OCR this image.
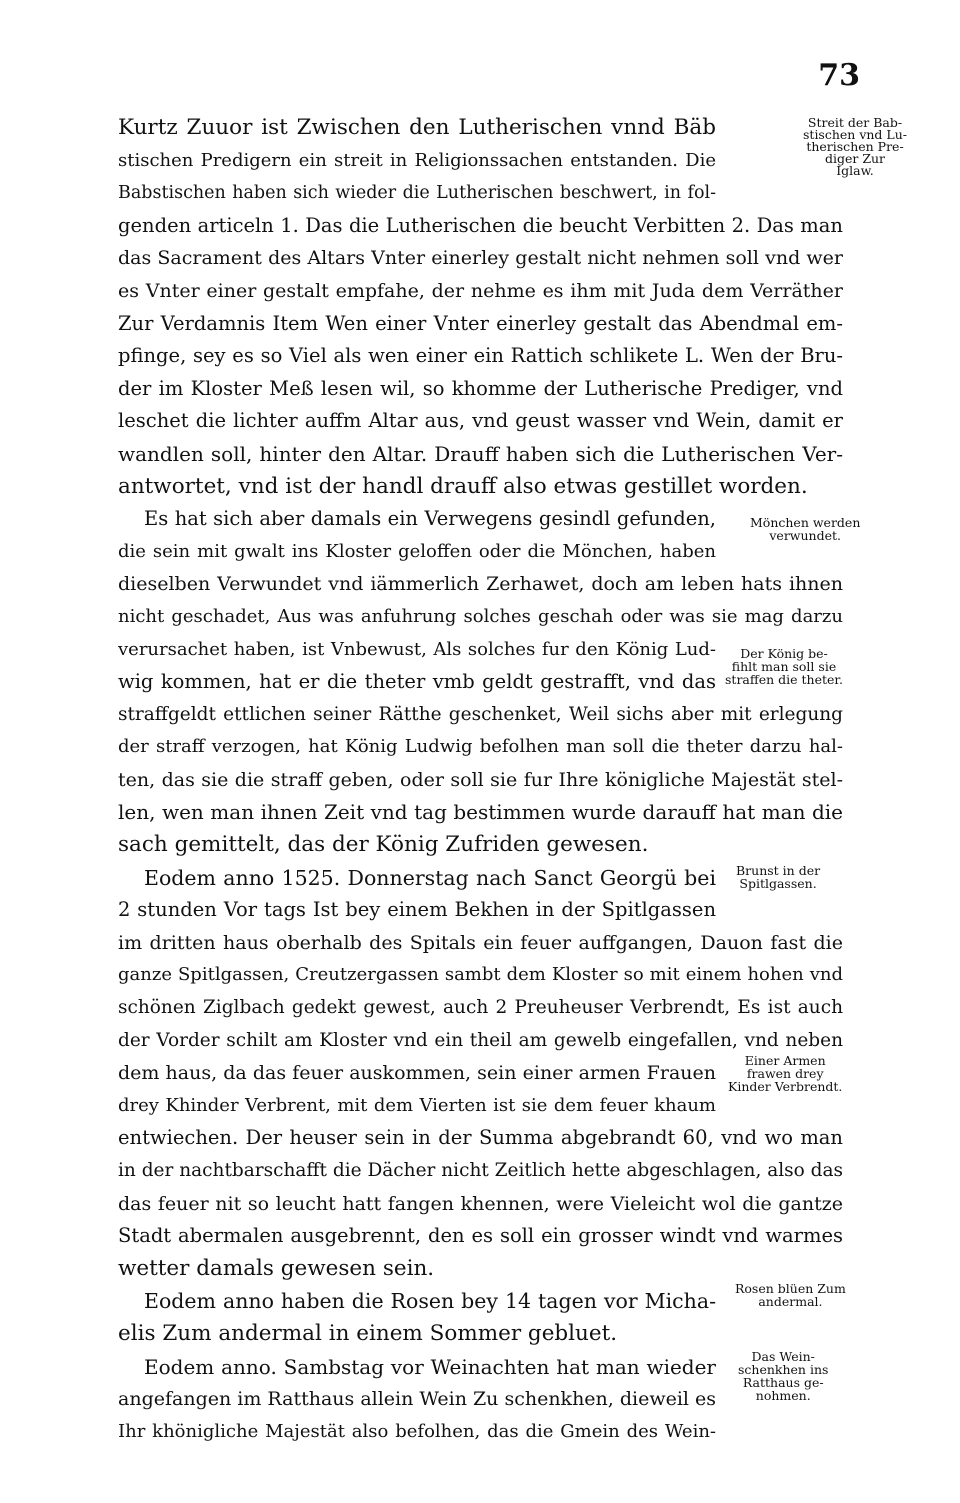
73
Kurtz Zuuor ist Zwischen den Lutherischen vnnd Bäb
stischen Predigern ein streit in Religionssachen entstanden. Die
Babstischen haben sich wieder die Lutherischen beschwert, in fol-
genden articeln 1. Das die Lutherischen die beucht Verbitten 2. Das man
das Sacrament des Altars Vnter einerley gestalt nicht nehmen soll vnd wer
es Vnter einer gestalt empfahe, der nehme es ihm mit Juda dem Verräther
Zur Verdamnis Item Wen einer Vnter einerley gestalt das Abendmal em-
pfinge, sey es so Viel als wen einer ein Rattich schlikete L. Wen der Bru-
der im Kloster Meß lesen wil, so khomme der Lutherische Prediger, vnd
leschet die lichter auffm Altar aus, vnd geust wasser vnd Wein, damit er
wandlen soll, hinter den Altar. Drauff haben sich die Lutherischen Ver-
antwortet, vnd ist der handl drauff also etwas gestillet worden.
Es hat sich aber damals ein Verwegens gesindl gefunden,
die sein mit gwalt ins Kloster geloffen oder die Mönchen, haben
dieselben Verwundet vnd iämmerlich Zerhawet, doch am leben hats ihnen
nicht geschadet, Aus was anfuhrung solches geschah oder was sie mag darzu
verursachet haben, ist Vnbewust, Als solches fur den König Lud-
wig kommen, hat er die theter vmb geldt gestrafft, vnd das
straffgeldt ettlichen seiner Rätthe geschenket, Weil sichs aber mit erlegung
der straff verzogen, hat König Ludwig befolhen man soll die theter darzu hal-
ten, das sie die straff geben, oder soll sie fur Ihre königliche Majestät stel-
len, wen man ihnen Zeit vnd tag bestimmen wurde darauff hat man die
sach gemittelt, das der König Zufriden gewesen.
Eodem anno 1525. Donnerstag nach Sanct Georgü bei
2 stunden Vor tags Ist bey einem Bekhen in der Spitlgassen
im dritten haus oberhalb des Spitals ein feuer auffgangen, Dauon fast die
ganze Spitlgassen, Creutzergassen sambt dem Kloster so mit einem hohen vnd
schönen Ziglbach gedekt gewest, auch 2 Preuheuser Verbrendt, Es ist auch
der Vorder schilt am Kloster vnd ein theil am gewelb eingefallen, vnd neben
dem haus, da das feuer auskommen, sein einer armen Frauen
drey Khinder Verbrent, mit dem Vierten ist sie dem feuer khaum
entwiechen. Der heuser sein in der Summa abgebrandt 60, vnd wo man
in der nachtbarschafft die Dächer nicht Zeitlich hette abgeschlagen, also das
das feuer nit so leucht hatt fangen khennen, were Vieleicht wol die gantze
Stadt abermalen ausgebrennt, den es soll ein grosser windt vnd warmes
wetter damals gewesen sein.
Eodem anno haben die Rosen bey 14 tagen vor Micha-
elis Zum andermal in einem Sommer gebluet.
Eodem anno. Sambstag vor Weinachten hat man wieder
angefangen im Ratthaus allein Wein Zu schenkhen, dieweil es
Ihr khönigliche Majestät also befolhen, das die Gmein des Wein-
Streit der Bab-
stischen vnd Lu-
therischen Pre-
diger Zur
Iglaw.
Mönchen werden
verwundet.
Der König be-
fihlt man soll sie
straffen die theter.
Brunst in der
Spitlgassen.
Einer Armen
frawen drey
Kinder Verbrendt.
Rosen blüen Zum
andermal.
Das Wein-
schenkhen ins
Ratthaus ge-
nohmen.
